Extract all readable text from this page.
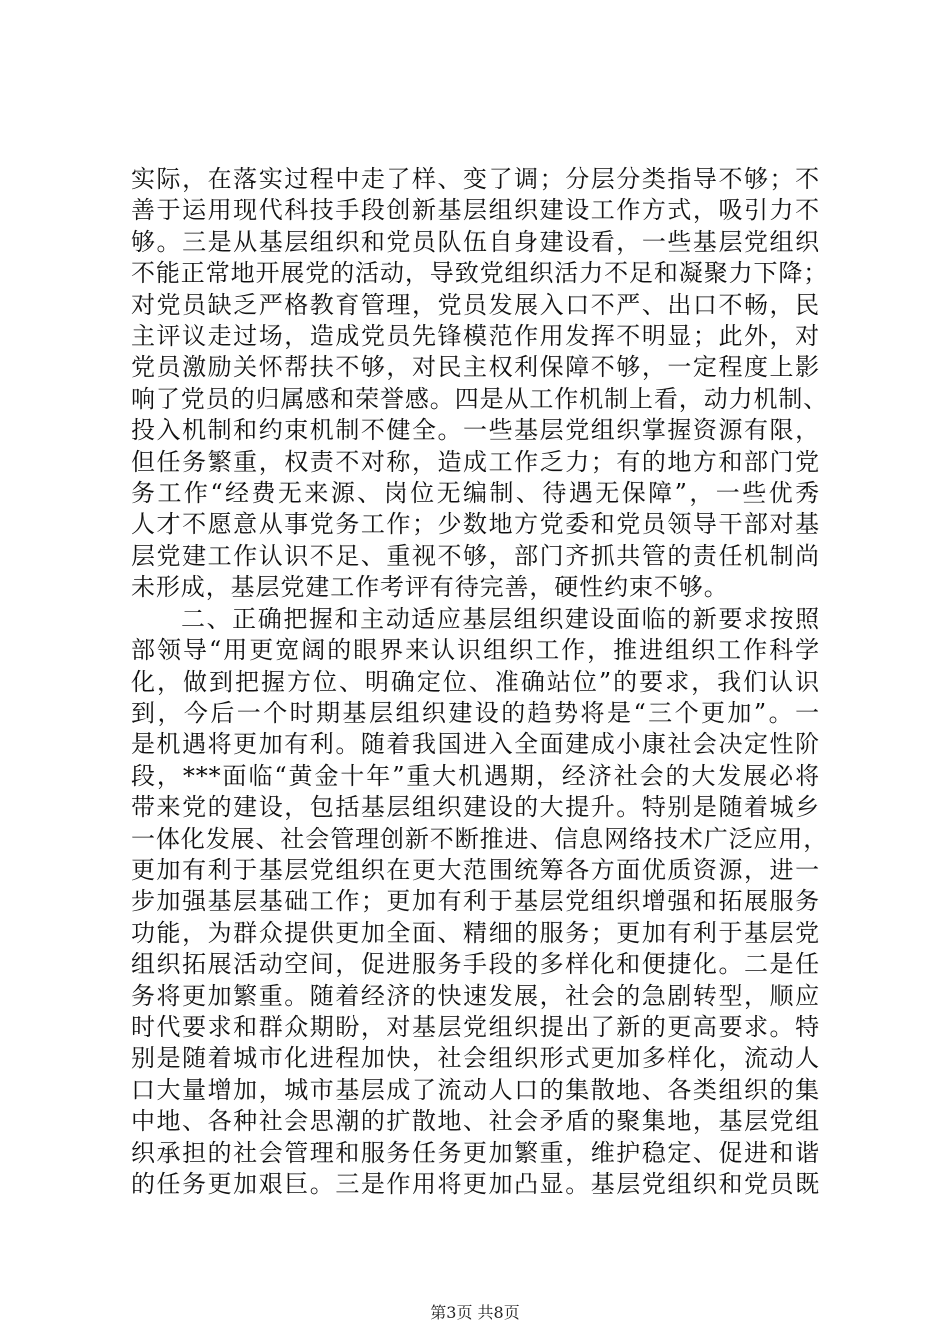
实际，在落实过程中走了样、变了调；分层分类指导不够；不
善于运用现代科技手段创新基层组织建设工作方式，吸引力不
够。三是从基层组织和党员队伍自身建设看，一些基层党组织
不能正常地开展党的活动，导致党组织活力不足和凝聚力下降；
对党员缺乏严格教育管理，党员发展入口不严、出口不畅，民
主评议走过场，造成党员先锋模范作用发挥不明显；此外，对
党员激励关怀帮扶不够，对民主权利保障不够，一定程度上影
响了党员的归属感和荣誉感。四是从工作机制上看，动力机制、
投入机制和约束机制不健全。一些基层党组织掌握资源有限，
但任务繁重，权责不对称，造成工作乏力；有的地方和部门党
务工作“经费无来源、岗位无编制、待遇无保障”，一些优秀
人才不愿意从事党务工作；少数地方党委和党员领导干部对基
层党建工作认识不足、重视不够，部门齐抓共管的责任机制尚
未形成，基层党建工作考评有待完善，硬性约束不够。
二、正确把握和主动适应基层组织建设面临的新要求按照
部领导“用更宽阔的眼界来认识组织工作，推进组织工作科学
化，做到把握方位、明确定位、准确站位”的要求，我们认识
到，今后一个时期基层组织建设的趋势将是“三个更加”。一
是机遇将更加有利。随着我国进入全面建成小康社会决定性阶
段，***面临“黄金十年”重大机遇期，经济社会的大发展必将
带来党的建设，包括基层组织建设的大提升。特别是随着城乡
一体化发展、社会管理创新不断推进、信息网络技术广泛应用，
更加有利于基层党组织在更大范围统筹各方面优质资源，进一
步加强基层基础工作；更加有利于基层党组织增强和拓展服务
功能，为群众提供更加全面、精细的服务；更加有利于基层党
组织拓展活动空间，促进服务手段的多样化和便捷化。二是任
务将更加繁重。随着经济的快速发展，社会的急剧转型，顺应
时代要求和群众期盼，对基层党组织提出了新的更高要求。特
别是随着城市化进程加快，社会组织形式更加多样化，流动人
口大量增加，城市基层成了流动人口的集散地、各类组织的集
中地、各种社会思潮的扩散地、社会矛盾的聚集地，基层党组
织承担的社会管理和服务任务更加繁重，维护稳定、促进和谐
的任务更加艰巨。三是作用将更加凸显。基层党组织和党员既
第3页 共8页
